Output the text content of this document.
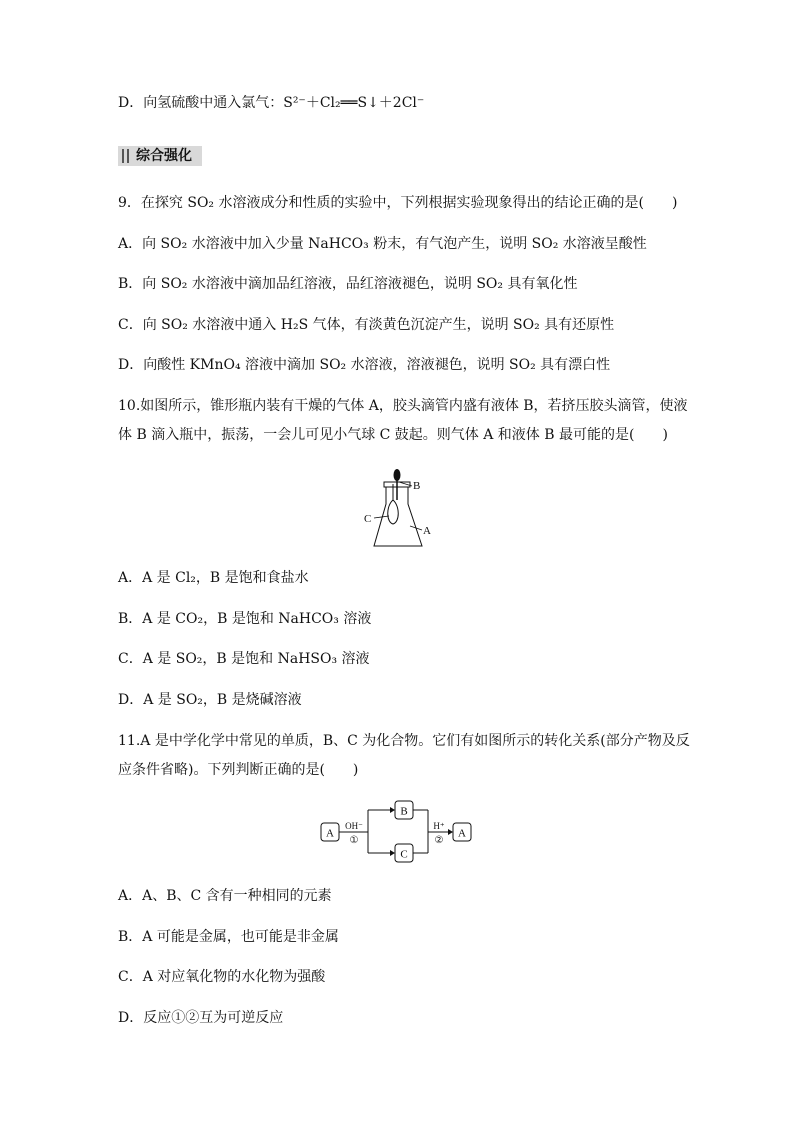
D．向氢硫酸中通入氯气：S²⁻＋Cl₂══S↓＋2Cl⁻
综合强化
9．在探究 SO₂ 水溶液成分和性质的实验中，下列根据实验现象得出的结论正确的是(　　)
A．向 SO₂ 水溶液中加入少量 NaHCO₃ 粉末，有气泡产生，说明 SO₂ 水溶液呈酸性
B．向 SO₂ 水溶液中滴加品红溶液，品红溶液褪色，说明 SO₂ 具有氧化性
C．向 SO₂ 水溶液中通入 H₂S 气体，有淡黄色沉淀产生，说明 SO₂ 具有还原性
D．向酸性 KMnO₄ 溶液中滴加 SO₂ 水溶液，溶液褪色，说明 SO₂ 具有漂白性
10.如图所示，锥形瓶内装有干燥的气体 A，胶头滴管内盛有液体 B，若挤压胶头滴管，使液
体 B 滴入瓶中，振荡，一会儿可见小气球 C 鼓起。则气体 A 和液体 B 最可能的是(　　)
B
C
A
A．A 是 Cl₂，B 是饱和食盐水
B．A 是 CO₂，B 是饱和 NaHCO₃ 溶液
C．A 是 SO₂，B 是饱和 NaHSO₃ 溶液
D．A 是 SO₂，B 是烧碱溶液
11.A 是中学化学中常见的单质，B、C 为化合物。它们有如图所示的转化关系(部分产物及反
应条件省略)。下列判断正确的是(　　)
A
OH⁻
①
B
C
H⁺
②
A
A．A、B、C 含有一种相同的元素
B．A 可能是金属，也可能是非金属
C．A 对应氧化物的水化物为强酸
D．反应①②互为可逆反应
